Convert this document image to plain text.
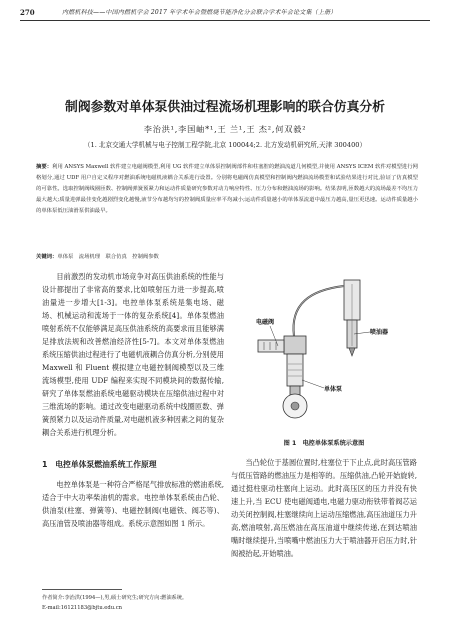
270	内燃机科技——中国内燃机学会 2017 年学术年会暨燃烧节能净化分会联合学术年会论文集（上册）
制阀参数对单体泵供油过程流场机理影响的联合仿真分析
李治洪¹,李国岫*¹,王 兰¹,王 杰²,何双毅²
（1. 北京交通大学机械与电子控制工程学院,北京 100044;2. 北方发动机研究所,天津 300400）
摘要：利用 ANSYS Maxwell 软件建立电磁阀模型,利用 UG 软件建立单体泵控制阀部件和柱塞腔的燃油流道几何模型,并使用 ANSYS ICEM 软件对模型进行网格划分,通过 UDF 用户自定义程序对燃油系统电磁机液耦合关系进行设置。分别将电磁阀仿真模型和控制阀内燃油流场模型和试验结果进行对比,验证了仿真模型的可靠性。选取控制阀线圈匝数、控制阀弹簧预紧力和运动件质量研究参数对动力响应特性、压力分布和燃油流场的影响。结果表明,匝数越大的流场最差不均压力最大越大;质量进弹最佳变化越剧烈变化越慢,液节分布越均匀的控制阀质量应率平均减小;运动件质量越小的单体泵流道中最压力越高,量压更迅速。运动件质量越小的单体泵低压油滑泵供油最早。
关键词：单体泵　流场机理　联合仿真　控制阀参数

目前激烈的发动机市场竞争对高压供油系统的性能与设计都提出了非常高的要求,比如喷射压力进一步提高,喷油量进一步增大[1-3]。电控单体泵系统是集电场、磁场、机械运动和流场于一体的复杂系统[4]。单体泵燃油喷射系统不仅能够满足高压供油系统的高要求而且能够满足排放法规和改善燃油经济性[5-7]。本文对单体泵燃油系统压缩供油过程进行了电磁机液耦合仿真分析,分别使用 Maxwell 和 Fluent 模拟建立电磁控制阀模型以及三维流场模型,使用 UDF 编程来实现不同模块间的数据传输,研究了单体泵燃油系统电磁驱动模块在压缩供油过程中对三维流场的影响。通过改变电磁驱动系统中线圈匝数、弹簧预紧力以及运动件质量,对电磁机液多种因素之间的复杂耦合关系进行机理分析。

1　电控单体泵燃油系统工作原理

电控单体泵是一种符合严格尾气排放标准的燃油系统,适合于中大功率柴油机的需求。电控单体泵系统由凸轮、供油泵(柱塞、弹簧等)、电磁控制阀(电磁铁、阀芯等)、高压油管及喷油器等组成。系统示意图如图 1 所示。

作者简介:李治洪(1994—),男,硕士研究生;研究方向:燃油系统。
E-mail:16121183@bjtu.edu.cn
电磁阀
喷油器
单体泵
图 1　电控单体泵系统示意图

当凸轮位于基圆位置时,柱塞位于下止点,此时高压管路与低压管路的燃油压力是相等的。压缩供油,凸轮开始旋转,通过挺柱驱动柱塞向上运动。此时高压区的压力并没有快速上升,当 ECU 使电磁阀通电,电磁力驱动衔铁带着阀芯运动关闭控制阀,柱塞继续向上运动压缩燃油,高压油道压力升高,燃油喷射,高压燃油在高压油道中继续传递,在到达喷油嘴时继续提升,当喷嘴中燃油压力大于喷油器开启压力时,针阀被抬起,开始喷油。
